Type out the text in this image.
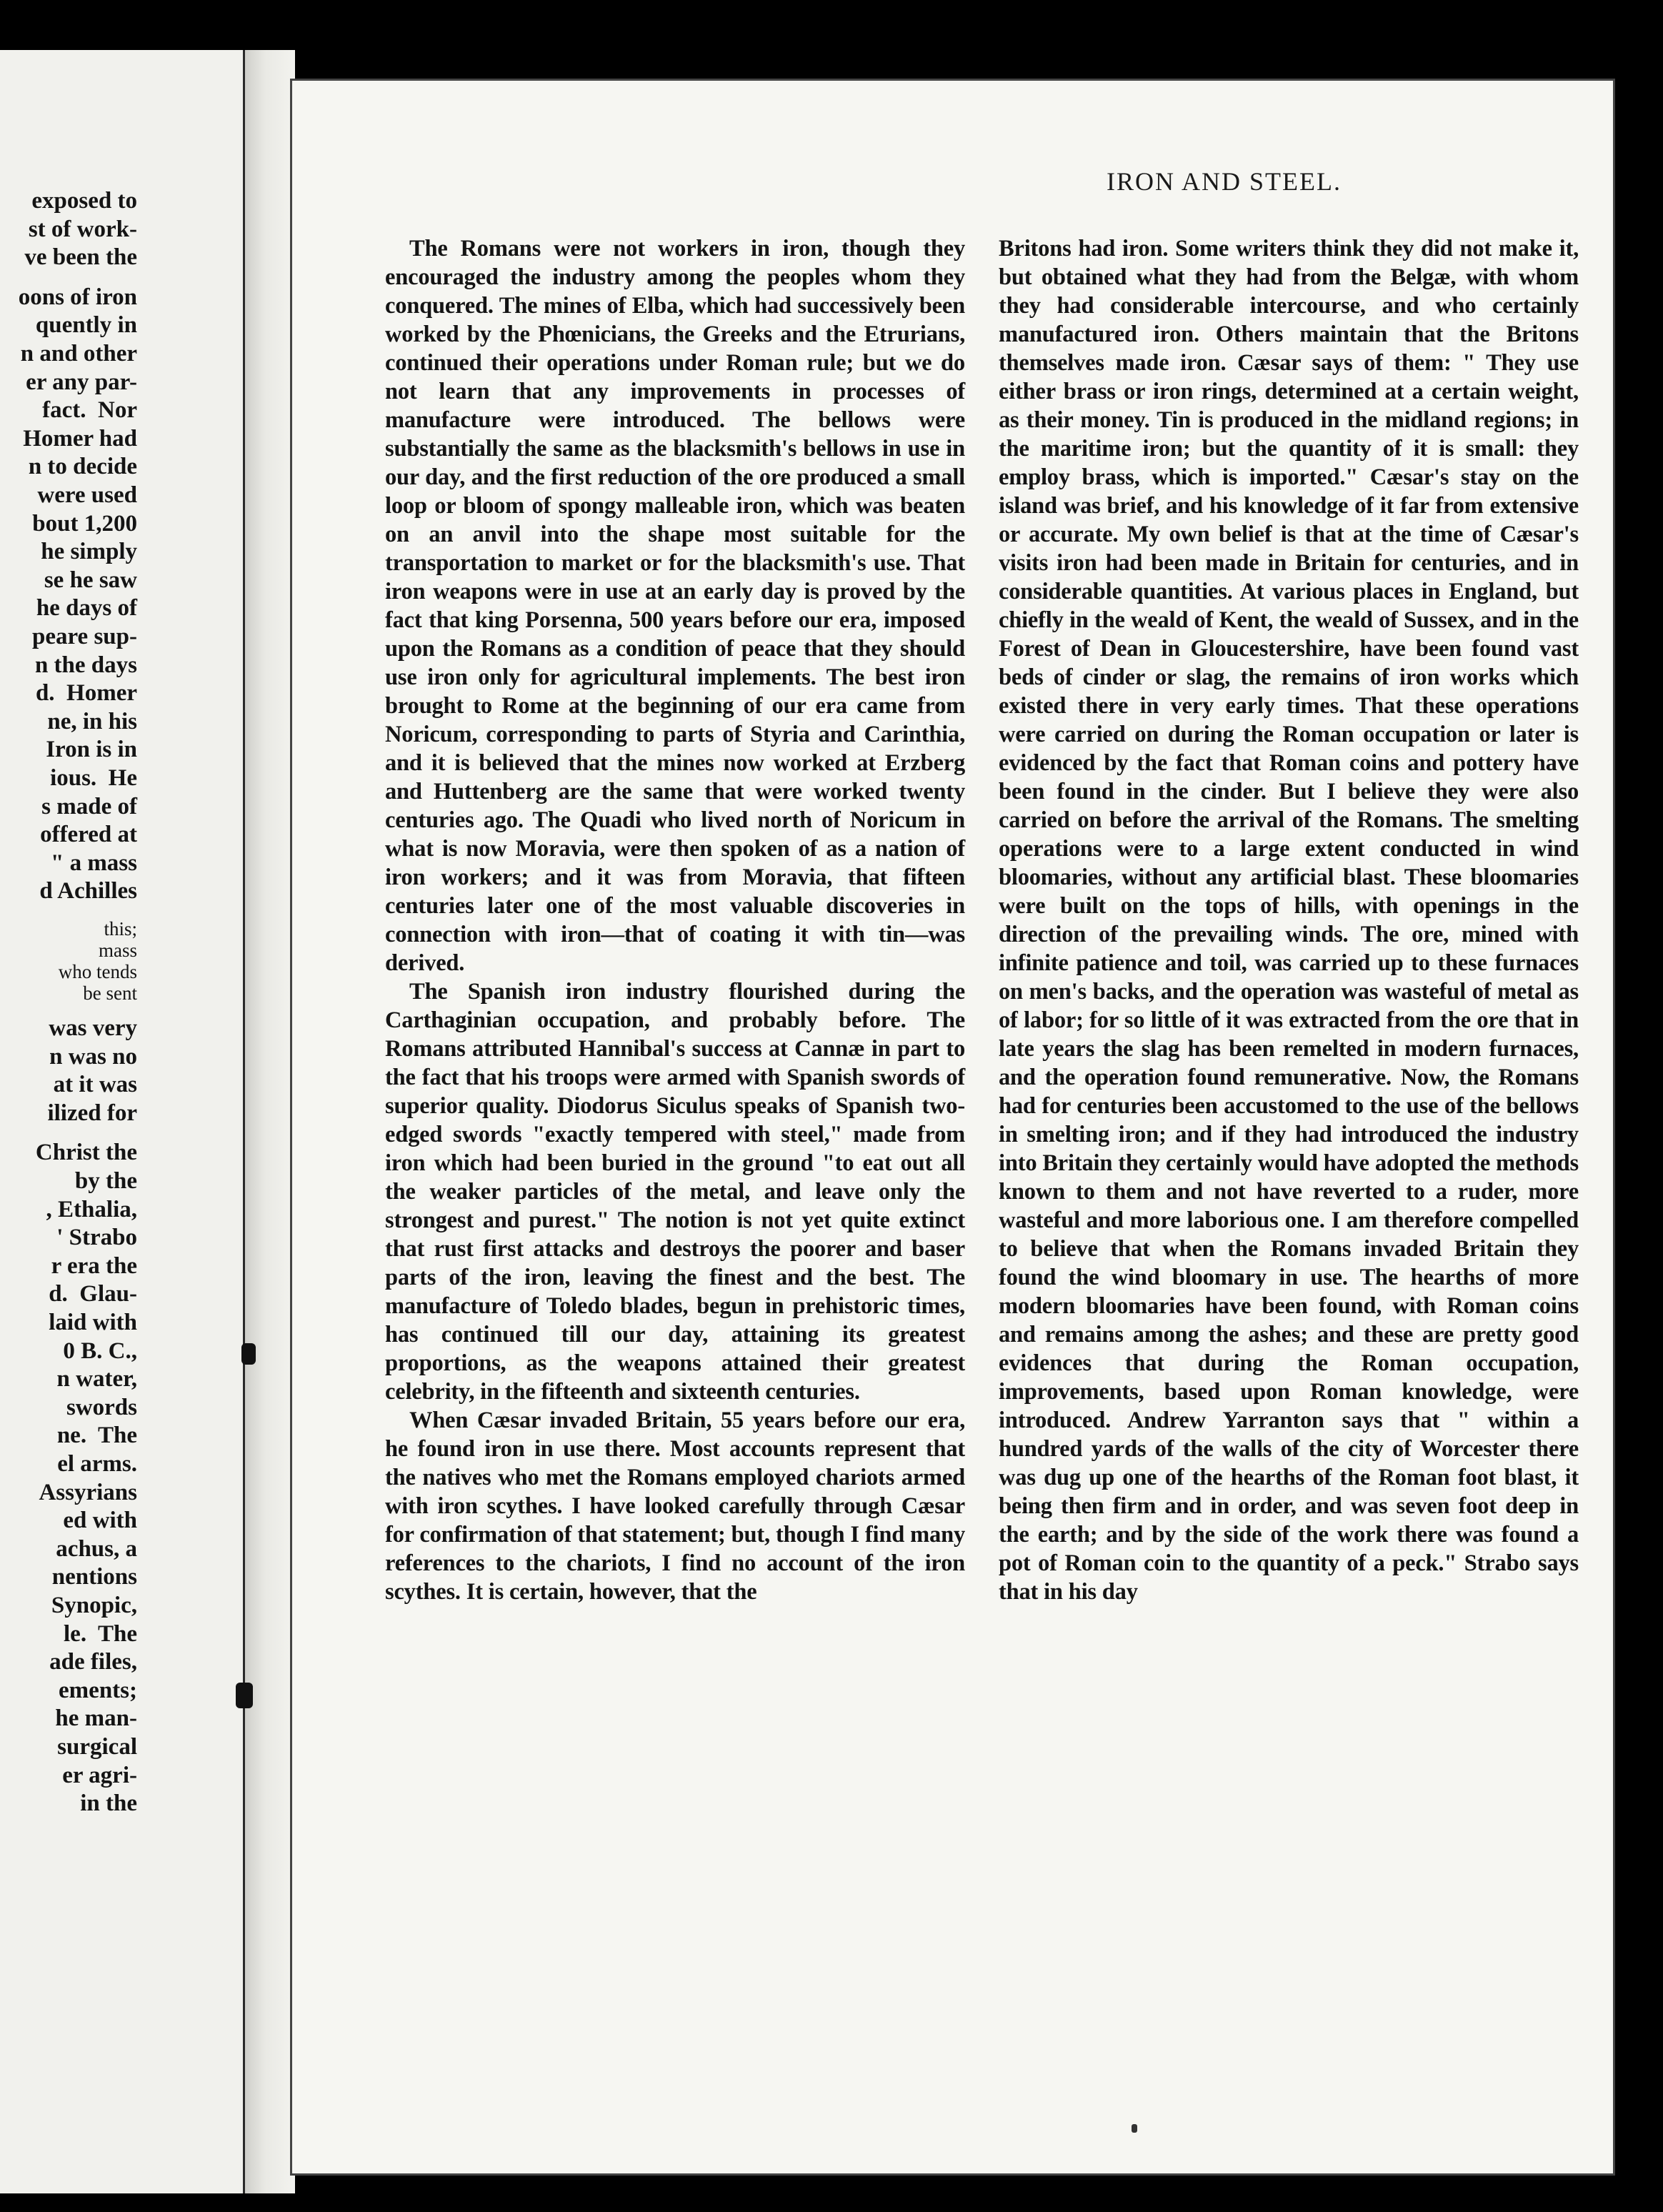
exposed to
st of work-
ve been the
oons of iron
quently in
n and other
er any par-
fact.  Nor
Homer had
n to decide
were used
bout 1,200
he simply
se he saw
he days of
peare sup-
n the days
d.  Homer
ne, in his
Iron is in
ious.  He
s made of
offered at
" a mass
d Achilles
this;
mass
who tends
be sent
was very
n was no
at it was
ilized for
Christ the
by the
, Ethalia,
' Strabo
r era the
d.  Glau-
laid with
0 B. C.,
n water,
swords
ne.  The
el arms.
Assyrians
ed with
achus, a
nentions
Synopic,
le.  The
ade files,
ements;
he man-
surgical
er agri-
in the
IRON AND STEEL.

The Romans were not workers in iron, though they encouraged the industry among the peoples whom they conquered. The mines of Elba, which had successively been worked by the Phœnicians, the Greeks and the Etrurians, continued their operations under Roman rule; but we do not learn that any improvements in processes of manufacture were introduced. The bellows were substantially the same as the blacksmith's bellows in use in our day, and the first reduction of the ore produced a small loop or bloom of spongy malleable iron, which was beaten on an anvil into the shape most suitable for the transportation to market or for the blacksmith's use. That iron weapons were in use at an early day is proved by the fact that king Porsenna, 500 years before our era, imposed upon the Romans as a condition of peace that they should use iron only for agricultural implements. The best iron brought to Rome at the beginning of our era came from Noricum, corresponding to parts of Styria and Carinthia, and it is believed that the mines now worked at Erzberg and Huttenberg are the same that were worked twenty centuries ago. The Quadi who lived north of Noricum in what is now Moravia, were then spoken of as a nation of iron workers; and it was from Moravia, that fifteen centuries later one of the most valuable discoveries in connection with iron—that of coating it with tin—was derived.

The Spanish iron industry flourished during the Carthaginian occupation, and probably before. The Romans attributed Hannibal's success at Cannæ in part to the fact that his troops were armed with Spanish swords of superior quality. Diodorus Siculus speaks of Spanish two-edged swords "exactly tempered with steel," made from iron which had been buried in the ground "to eat out all the weaker particles of the metal, and leave only the strongest and purest." The notion is not yet quite extinct that rust first attacks and destroys the poorer and baser parts of the iron, leaving the finest and the best. The manufacture of Toledo blades, begun in prehistoric times, has continued till our day, attaining its greatest proportions, as the weapons attained their greatest celebrity, in the fifteenth and sixteenth centuries.

When Cæsar invaded Britain, 55 years before our era, he found iron in use there. Most accounts represent that the natives who met the Romans employed chariots armed with iron scythes. I have looked carefully through Cæsar for confirmation of that statement; but, though I find many references to the chariots, I find no account of the iron scythes. It is certain, however, that the

Britons had iron. Some writers think they did not make it, but obtained what they had from the Belgæ, with whom they had considerable intercourse, and who certainly manufactured iron. Others maintain that the Britons themselves made iron. Cæsar says of them: " They use either brass or iron rings, determined at a certain weight, as their money. Tin is produced in the midland regions; in the maritime iron; but the quantity of it is small: they employ brass, which is imported." Cæsar's stay on the island was brief, and his knowledge of it far from extensive or accurate. My own belief is that at the time of Cæsar's visits iron had been made in Britain for centuries, and in considerable quantities. At various places in England, but chiefly in the weald of Kent, the weald of Sussex, and in the Forest of Dean in Gloucestershire, have been found vast beds of cinder or slag, the remains of iron works which existed there in very early times. That these operations were carried on during the Roman occupation or later is evidenced by the fact that Roman coins and pottery have been found in the cinder. But I believe they were also carried on before the arrival of the Romans. The smelting operations were to a large extent conducted in wind bloomaries, without any artificial blast. These bloomaries were built on the tops of hills, with openings in the direction of the prevailing winds. The ore, mined with infinite patience and toil, was carried up to these furnaces on men's backs, and the operation was wasteful of metal as of labor; for so little of it was extracted from the ore that in late years the slag has been remelted in modern furnaces, and the operation found remunerative. Now, the Romans had for centuries been accustomed to the use of the bellows in smelting iron; and if they had introduced the industry into Britain they certainly would have adopted the methods known to them and not have reverted to a ruder, more wasteful and more laborious one. I am therefore compelled to believe that when the Romans invaded Britain they found the wind bloomary in use. The hearths of more modern bloomaries have been found, with Roman coins and remains among the ashes; and these are pretty good evidences that during the Roman occupation, improvements, based upon Roman knowledge, were introduced. Andrew Yarranton says that " within a hundred yards of the walls of the city of Worcester there was dug up one of the hearths of the Roman foot blast, it being then firm and in order, and was seven foot deep in the earth; and by the side of the work there was found a pot of Roman coin to the quantity of a peck." Strabo says that in his day
